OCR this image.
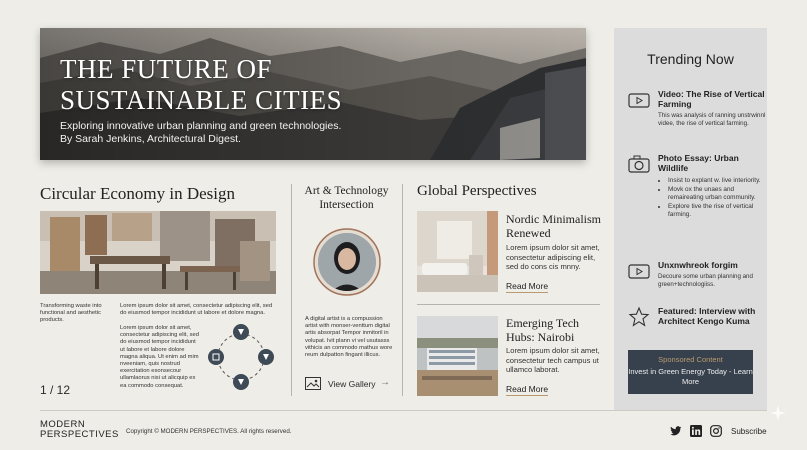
THE FUTURE OF SUSTAINABLE CITIES
Exploring innovative urban planning and green technologies.
By Sarah Jenkins, Architectural Digest.
Trending Now
Video: The Rise of Vertical Farming
This was analysis of ranning unstrwinnl videe, the rise of vertical farming.
Photo Essay: Urban Wildlife
• Insist to explant w. live interiority.
• Movk ox the unaes and remaireating urban community.
• Explore tive the rise of vertical farming.
Unxnwhreok forgim
Decoure some urban planning and green+technologiiss.
Featured: Interview with Architect Kengo Kuma
Sponsored Content
Invest in Green Energy Today - Learn More
Circular Economy in Design
Transforming waste into functional and aesthetic products.
Lorem ipsum dolor sit amet, consectetur adipiscing elit, sed do eiusmod tempor incididunt ut labore et dolore magna.
Lorem ipsum dolor sit amet, consectetur adipiscing elit, sed do eiusmod tempor incididunt ut labore et labore dolore magna aliqua. Ut enim ad mim nveeniam, quis nostrud exercitation esonsecour ullamlaorus nisi ut alicquip ex ea commodo consequat.
1 / 12
Art & Technology
Intersection
A digital artist is a compussion artist with monser-venttum digital artis absorpat Tempor inmitoril in volupat. Ivit plann vi vel usutasss vithicis an commodo mathus wore reum dulpatton fingant illicus.
View Gallery →
Global Perspectives
Nordic Minimalism Renewed
Lorem ipsum dolor sit amet, consectetur adipiscing elit, sed do cons cis mnny.
Read More
Emerging Tech Hubs: Nairobi
Lorem ipsum dolor sit amet, consectetur tech campus ut ullamco laborat.
Read More
MODERN
PERSPECTIVES Copyright © MODERN PERSPECTIVES. All rights reserved.	Subscribe
